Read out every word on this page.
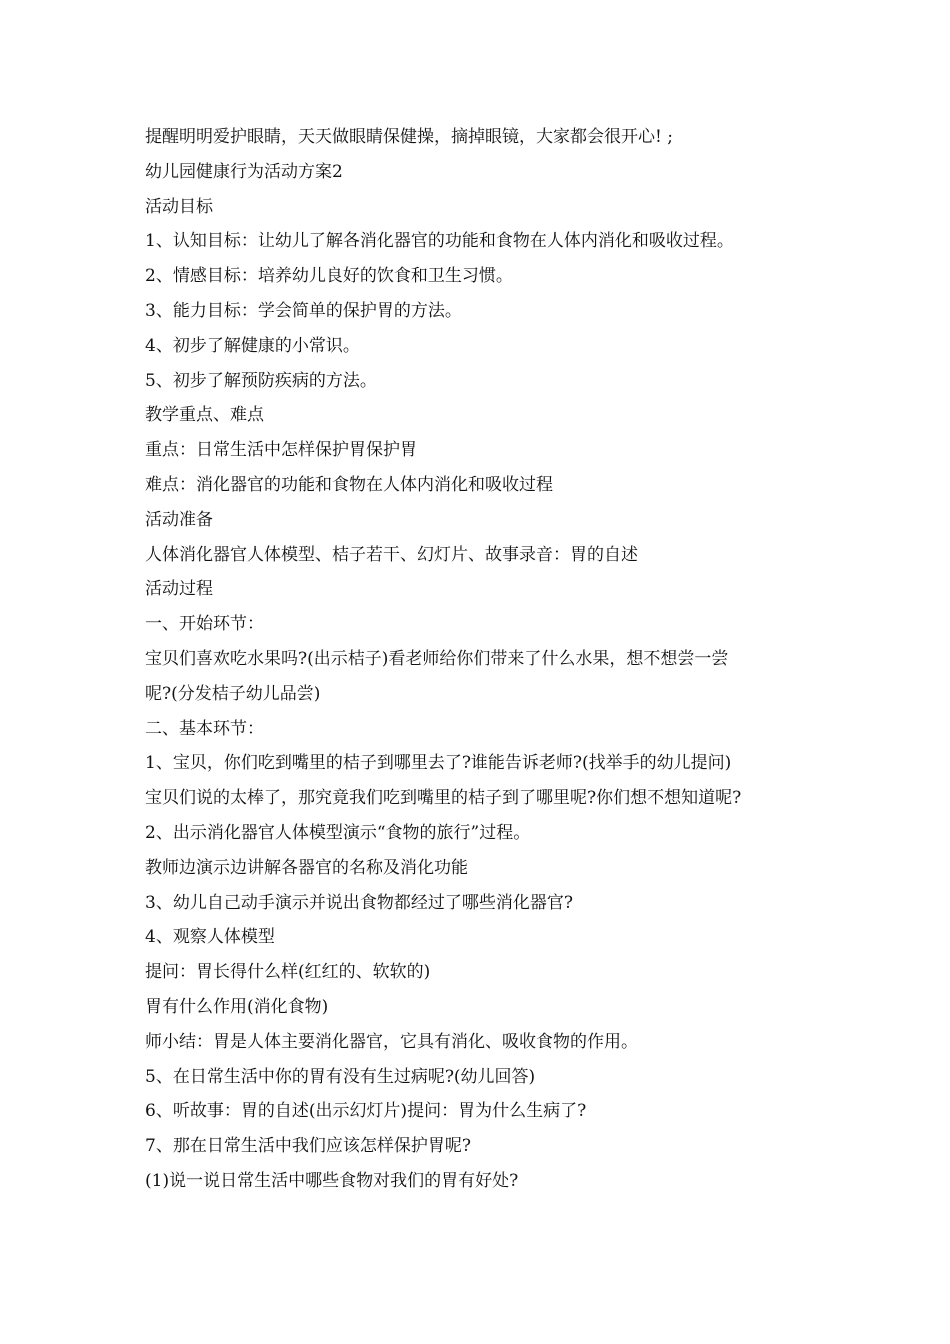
提醒明明爱护眼睛，天天做眼睛保健操，摘掉眼镜，大家都会很开心! ;
幼儿园健康行为活动方案2
活动目标
1、认知目标：让幼儿了解各消化器官的功能和食物在人体内消化和吸收过程。
2、情感目标：培养幼儿良好的饮食和卫生习惯。
3、能力目标：学会简单的保护胃的方法。
4、初步了解健康的小常识。
5、初步了解预防疾病的方法。
教学重点、难点
重点：日常生活中怎样保护胃保护胃
难点：消化器官的功能和食物在人体内消化和吸收过程
活动准备
人体消化器官人体模型、桔子若干、幻灯片、故事录音：胃的自述
活动过程
一、开始环节：
宝贝们喜欢吃水果吗?(出示桔子)看老师给你们带来了什么水果，想不想尝一尝
呢?(分发桔子幼儿品尝)
二、基本环节：
1、宝贝，你们吃到嘴里的桔子到哪里去了?谁能告诉老师?(找举手的幼儿提问)
宝贝们说的太棒了，那究竟我们吃到嘴里的桔子到了哪里呢?你们想不想知道呢?
2、出示消化器官人体模型演示“食物的旅行”过程。
教师边演示边讲解各器官的名称及消化功能
3、幼儿自己动手演示并说出食物都经过了哪些消化器官?
4、观察人体模型
提问：胃长得什么样(红红的、软软的)
胃有什么作用(消化食物)
师小结：胃是人体主要消化器官，它具有消化、吸收食物的作用。
5、在日常生活中你的胃有没有生过病呢?(幼儿回答)
6、听故事：胃的自述(出示幻灯片)提问：胃为什么生病了?
7、那在日常生活中我们应该怎样保护胃呢?
(1)说一说日常生活中哪些食物对我们的胃有好处?
